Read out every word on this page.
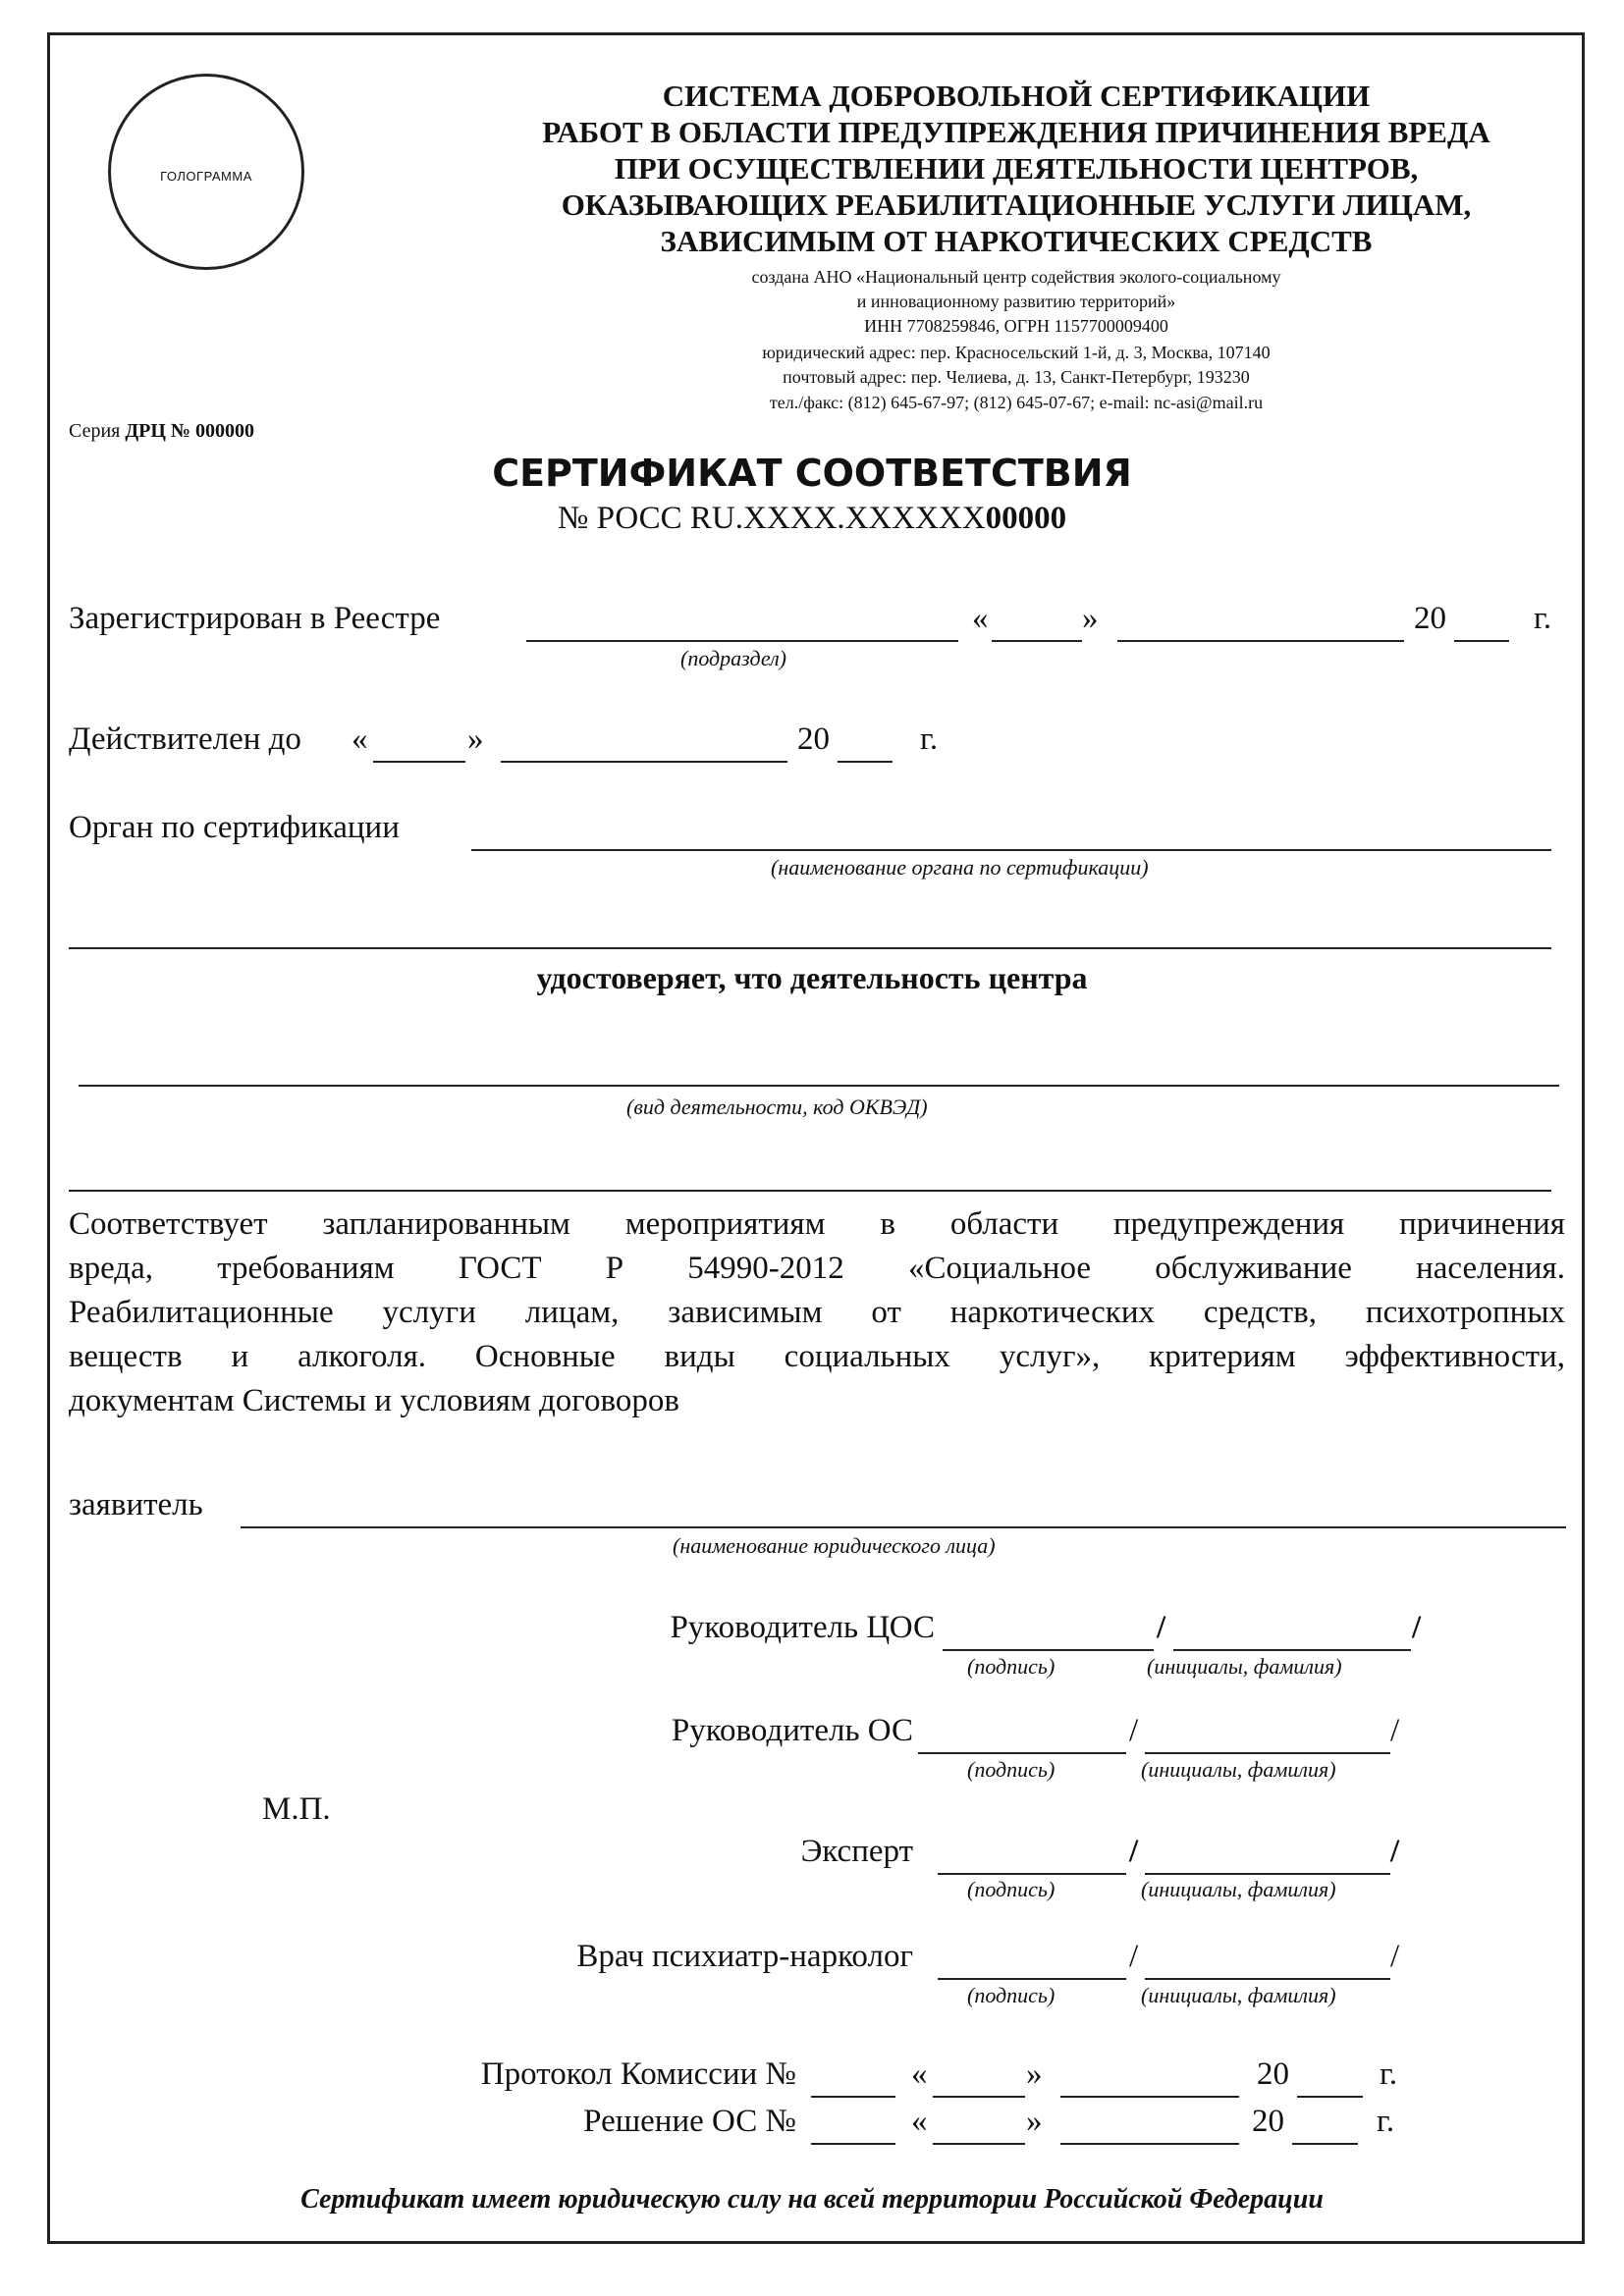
ГОЛОГРАММА
СИСТЕМА ДОБРОВОЛЬНОЙ СЕРТИФИКАЦИИ
РАБОТ В ОБЛАСТИ ПРЕДУПРЕЖДЕНИЯ ПРИЧИНЕНИЯ ВРЕДА
ПРИ ОСУЩЕСТВЛЕНИИ ДЕЯТЕЛЬНОСТИ ЦЕНТРОВ,
ОКАЗЫВАЮЩИХ РЕАБИЛИТАЦИОННЫЕ УСЛУГИ ЛИЦАМ,
ЗАВИСИМЫМ ОТ НАРКОТИЧЕСКИХ СРЕДСТВ
создана АНО «Национальный центр содействия эколого-социальному
и инновационному развитию территорий»
ИНН 7708259846, ОГРН 1157700009400
юридический адрес: пер. Красносельский 1-й, д. 3, Москва, 107140
почтовый адрес: пер. Челиева, д. 13, Санкт-Петербург, 193230
тел./факс: (812) 645-67-97; (812) 645-07-67; e-mail: nc-asi@mail.ru
Серия ДРЦ № 000000
СЕРТИФИКАТ СООТВЕТСТВИЯ
№ РОСС RU.XXXX.XXXXXX00000
Зарегистрирован в Реестре	«	»	20	г.
(подраздел)
Действителен до «	»	20	г.
Орган по сертификации
(наименование органа по сертификации)
удостоверяет, что деятельность центра
(вид деятельности, код ОКВЭД)
Соответствует запланированным мероприятиям в области предупреждения причинения
вреда, требованиям ГОСТ Р 54990-2012 «Социальное обслуживание населения.
Реабилитационные услуги лицам, зависимым от наркотических средств, психотропных
веществ и алкоголя. Основные виды социальных услуг», критериям эффективности,
документам Системы и условиям договоров
заявитель
(наименование юридического лица)
Руководитель ЦОС	/	/
(подпись)	(инициалы, фамилия)
Руководитель ОС	/	/
(подпись)	(инициалы, фамилия)
М.П.
Эксперт	/	/
(подпись)	(инициалы, фамилия)
Врач психиатр-нарколог	/	/
(подпись)	(инициалы, фамилия)
Протокол Комиссии №	«	»	20	г.
Решение ОС №	«	»	20	г.
Сертификат имеет юридическую силу на всей территории Российской Федерации
